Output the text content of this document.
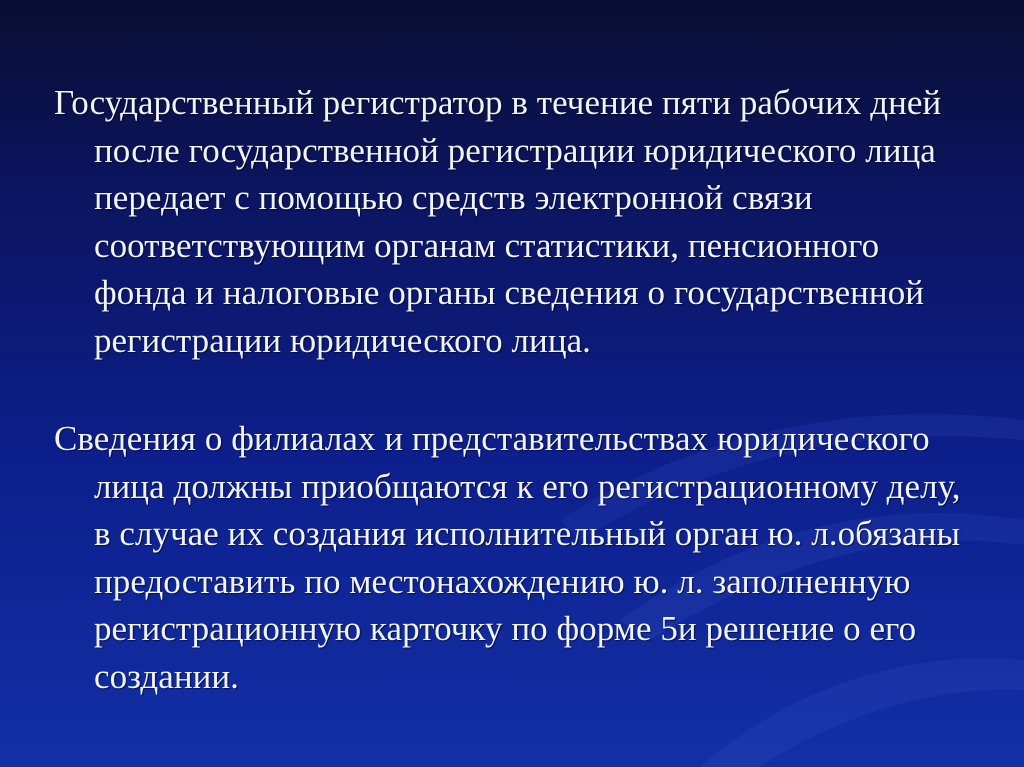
Государственный регистратор в течение пяти рабочих дней после государственной регистрации юридического лица передает с помощью средств электронной связи соответствующим органам статистики, пенсионного фонда и налоговые органы сведения о государственной регистрации юридического лица.

Сведения о филиалах и представительствах юридического лица должны приобщаются к его регистрационному делу, в случае их создания исполнительный орган ю. л.обязаны предоставить по местонахождению ю. л. заполненную регистрационную карточку по форме 5и решение о его создании.
